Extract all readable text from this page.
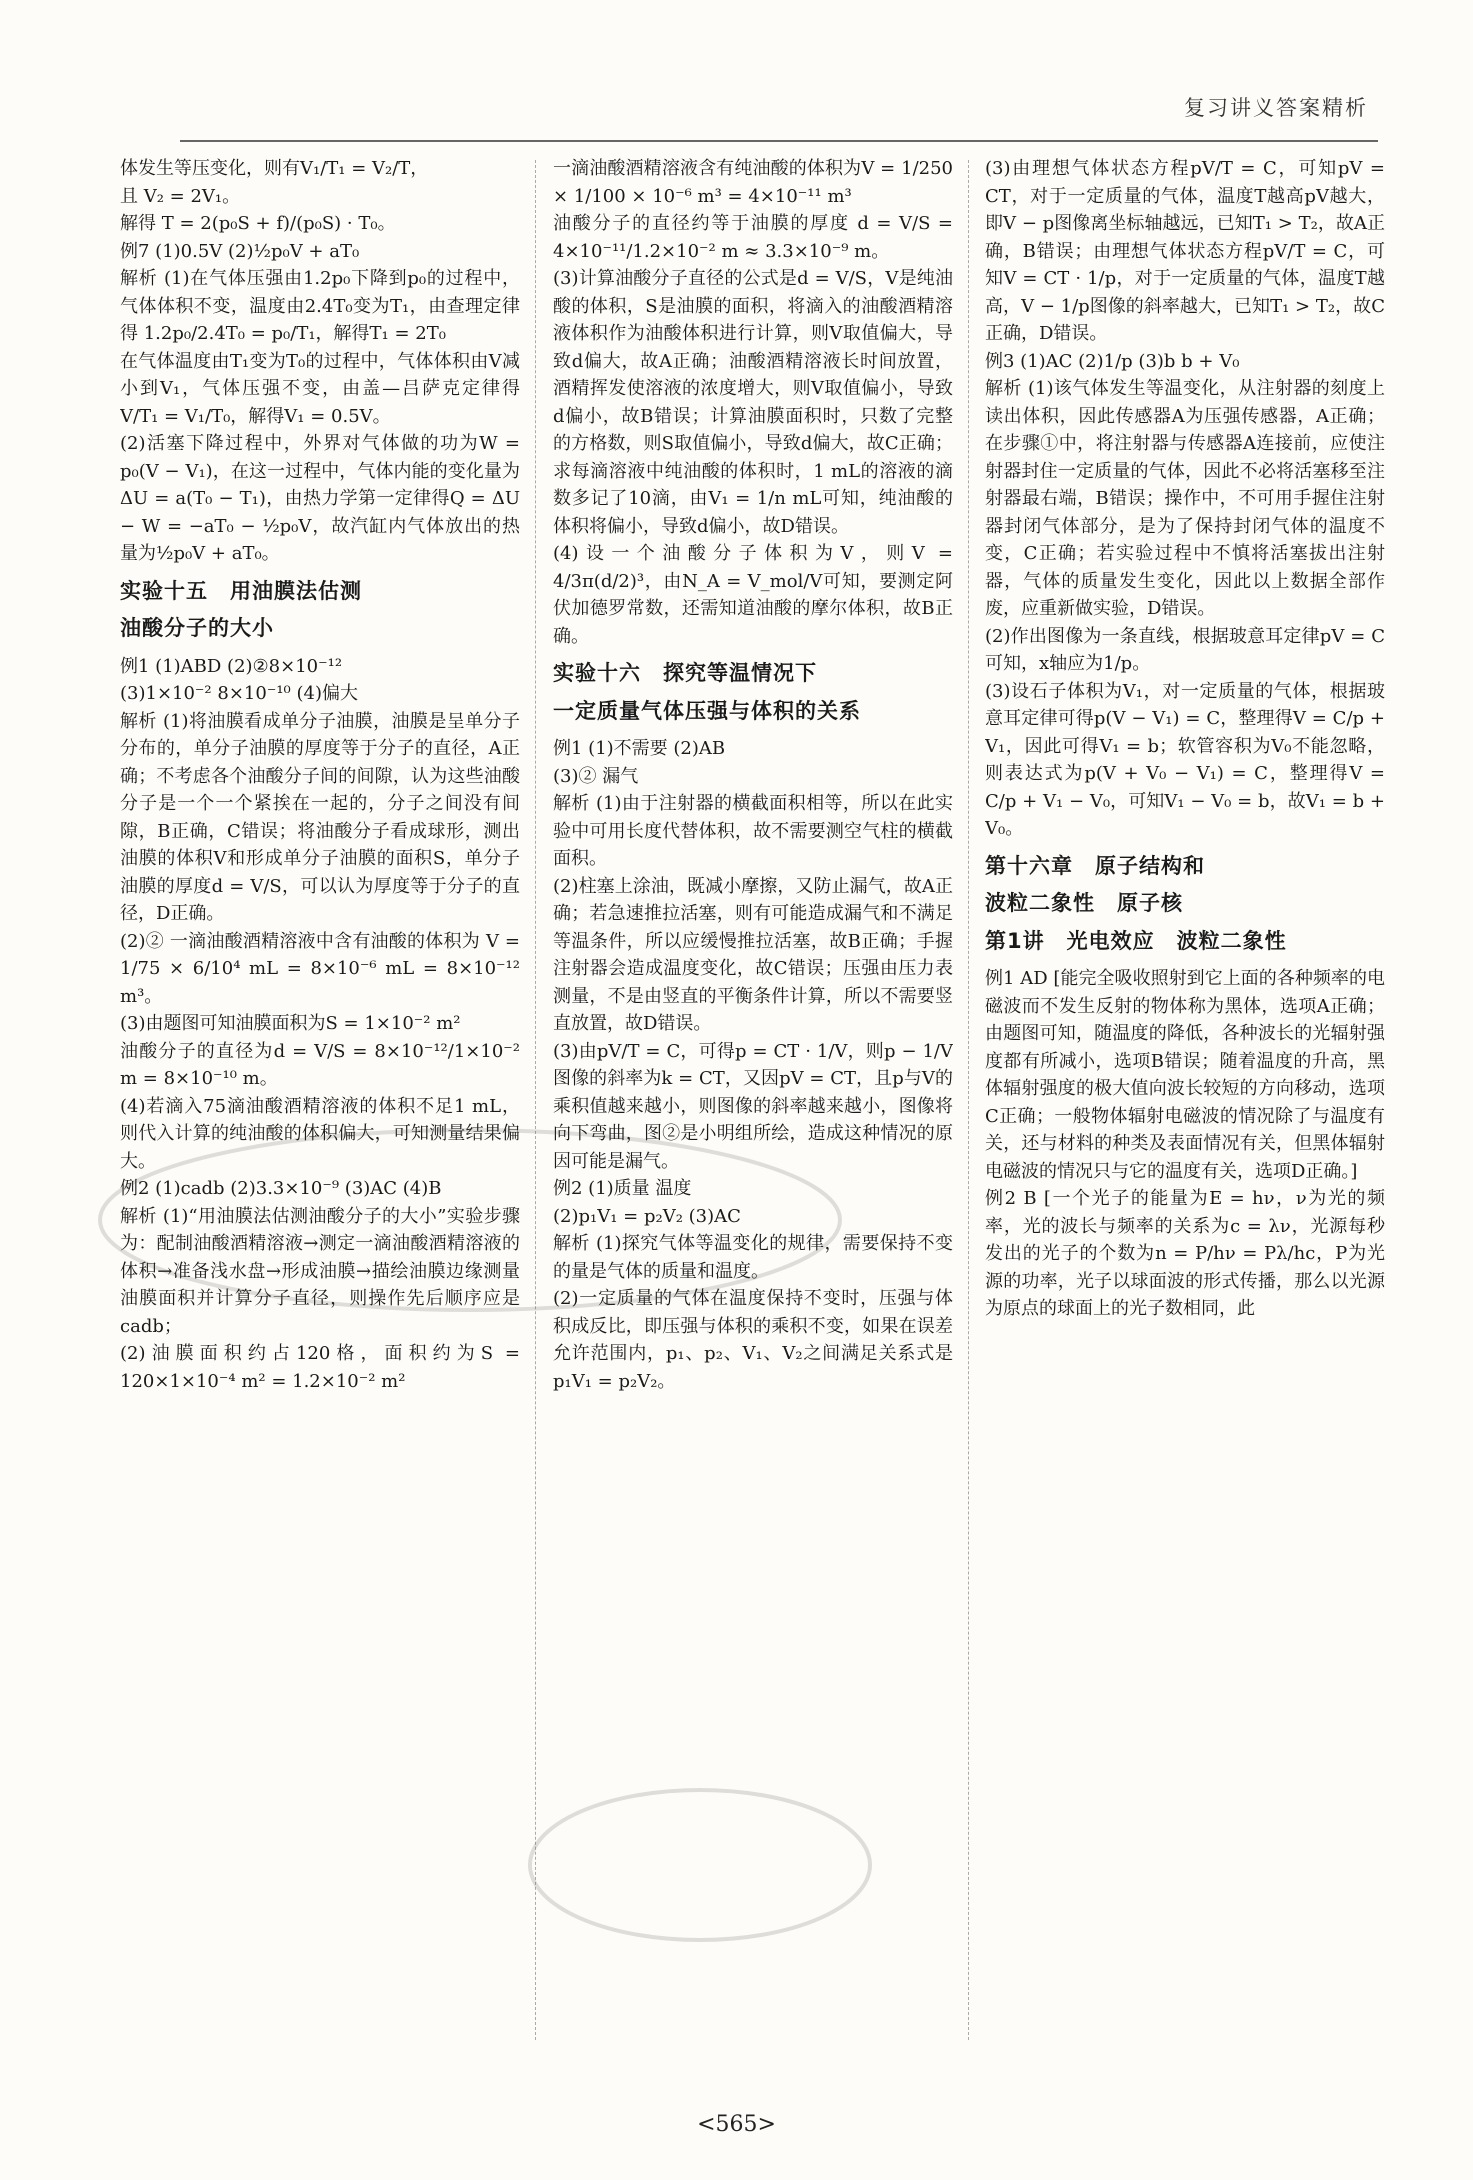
复习讲义答案精析

体发生等压变化，则有V₁/T₁ = V₂/T，

且 V₂ = 2V₁。

解得 T = 2(p₀S + f)/(p₀S) · T₀。

例7 (1)0.5V (2)½p₀V + aT₀

解析 (1)在气体压强由1.2p₀下降到p₀的过程中，气体体积不变，温度由2.4T₀变为T₁，由查理定律得 1.2p₀/2.4T₀ = p₀/T₁，解得T₁ = 2T₀

在气体温度由T₁变为T₀的过程中，气体体积由V减小到V₁，气体压强不变，由盖—吕萨克定律得 V/T₁ = V₁/T₀，解得V₁ = 0.5V。

(2)活塞下降过程中，外界对气体做的功为W = p₀(V − V₁)，在这一过程中，气体内能的变化量为ΔU = a(T₀ − T₁)，由热力学第一定律得Q = ΔU − W = −aT₀ − ½p₀V，故汽缸内气体放出的热量为½p₀V + aT₀。

实验十五　用油膜法估测

油酸分子的大小

例1 (1)ABD (2)②8×10⁻¹²

(3)1×10⁻² 8×10⁻¹⁰ (4)偏大

解析 (1)将油膜看成单分子油膜，油膜是呈单分子分布的，单分子油膜的厚度等于分子的直径，A正确；不考虑各个油酸分子间的间隙，认为这些油酸分子是一个一个紧挨在一起的，分子之间没有间隙，B正确，C错误；将油酸分子看成球形，测出油膜的体积V和形成单分子油膜的面积S，单分子油膜的厚度d = V/S，可以认为厚度等于分子的直径，D正确。

(2)② 一滴油酸酒精溶液中含有油酸的体积为 V = 1/75 × 6/10⁴ mL = 8×10⁻⁶ mL = 8×10⁻¹² m³。

(3)由题图可知油膜面积为S = 1×10⁻² m²

油酸分子的直径为d = V/S = 8×10⁻¹²/1×10⁻² m = 8×10⁻¹⁰ m。

(4)若滴入75滴油酸酒精溶液的体积不足1 mL，则代入计算的纯油酸的体积偏大，可知测量结果偏大。

例2 (1)cadb (2)3.3×10⁻⁹ (3)AC (4)B

解析 (1)“用油膜法估测油酸分子的大小”实验步骤为：配制油酸酒精溶液→测定一滴油酸酒精溶液的体积→准备浅水盘→形成油膜→描绘油膜边缘测量油膜面积并计算分子直径，则操作先后顺序应是cadb；

(2)油膜面积约占120格，面积约为S = 120×1×10⁻⁴ m² = 1.2×10⁻² m²

一滴油酸酒精溶液含有纯油酸的体积为V = 1/250 × 1/100 × 10⁻⁶ m³ = 4×10⁻¹¹ m³

油酸分子的直径约等于油膜的厚度 d = V/S = 4×10⁻¹¹/1.2×10⁻² m ≈ 3.3×10⁻⁹ m。

(3)计算油酸分子直径的公式是d = V/S，V是纯油酸的体积，S是油膜的面积，将滴入的油酸酒精溶液体积作为油酸体积进行计算，则V取值偏大，导致d偏大，故A正确；油酸酒精溶液长时间放置，酒精挥发使溶液的浓度增大，则V取值偏小，导致d偏小，故B错误；计算油膜面积时，只数了完整的方格数，则S取值偏小，导致d偏大，故C正确；求每滴溶液中纯油酸的体积时，1 mL的溶液的滴数多记了10滴，由V₁ = 1/n mL可知，纯油酸的体积将偏小，导致d偏小，故D错误。

(4)设一个油酸分子体积为V，则V = 4/3π(d/2)³，由N_A = V_mol/V可知，要测定阿伏加德罗常数，还需知道油酸的摩尔体积，故B正确。

实验十六　探究等温情况下

一定质量气体压强与体积的关系

例1 (1)不需要 (2)AB

(3)② 漏气

解析 (1)由于注射器的横截面积相等，所以在此实验中可用长度代替体积，故不需要测空气柱的横截面积。

(2)柱塞上涂油，既减小摩擦，又防止漏气，故A正确；若急速推拉活塞，则有可能造成漏气和不满足等温条件，所以应缓慢推拉活塞，故B正确；手握注射器会造成温度变化，故C错误；压强由压力表测量，不是由竖直的平衡条件计算，所以不需要竖直放置，故D错误。

(3)由pV/T = C，可得p = CT · 1/V，则p − 1/V图像的斜率为k = CT，又因pV = CT，且p与V的乘积值越来越小，则图像的斜率越来越小，图像将向下弯曲，图②是小明组所绘，造成这种情况的原因可能是漏气。

例2 (1)质量 温度

(2)p₁V₁ = p₂V₂ (3)AC

解析 (1)探究气体等温变化的规律，需要保持不变的量是气体的质量和温度。

(2)一定质量的气体在温度保持不变时，压强与体积成反比，即压强与体积的乘积不变，如果在误差允许范围内，p₁、p₂、V₁、V₂之间满足关系式是p₁V₁ = p₂V₂。

(3)由理想气体状态方程pV/T = C，可知pV = CT，对于一定质量的气体，温度T越高pV越大，即V − p图像离坐标轴越远，已知T₁ > T₂，故A正确，B错误；由理想气体状态方程pV/T = C，可知V = CT · 1/p，对于一定质量的气体，温度T越高，V − 1/p图像的斜率越大，已知T₁ > T₂，故C正确，D错误。

例3 (1)AC (2)1/p (3)b b + V₀

解析 (1)该气体发生等温变化，从注射器的刻度上读出体积，因此传感器A为压强传感器，A正确；在步骤①中，将注射器与传感器A连接前，应使注射器封住一定质量的气体，因此不必将活塞移至注射器最右端，B错误；操作中，不可用手握住注射器封闭气体部分，是为了保持封闭气体的温度不变，C正确；若实验过程中不慎将活塞拔出注射器，气体的质量发生变化，因此以上数据全部作废，应重新做实验，D错误。

(2)作出图像为一条直线，根据玻意耳定律pV = C可知，x轴应为1/p。

(3)设石子体积为V₁，对一定质量的气体，根据玻意耳定律可得p(V − V₁) = C，整理得V = C/p + V₁，因此可得V₁ = b；软管容积为V₀不能忽略，则表达式为p(V + V₀ − V₁) = C，整理得V = C/p + V₁ − V₀，可知V₁ − V₀ = b，故V₁ = b + V₀。

第十六章　原子结构和

波粒二象性　原子核

第1讲　光电效应　波粒二象性

例1 AD [能完全吸收照射到它上面的各种频率的电磁波而不发生反射的物体称为黑体，选项A正确；由题图可知，随温度的降低，各种波长的光辐射强度都有所减小，选项B错误；随着温度的升高，黑体辐射强度的极大值向波长较短的方向移动，选项C正确；一般物体辐射电磁波的情况除了与温度有关，还与材料的种类及表面情况有关，但黑体辐射电磁波的情况只与它的温度有关，选项D正确。]

例2 B [一个光子的能量为E = hν，ν为光的频率，光的波长与频率的关系为c = λν，光源每秒发出的光子的个数为n = P/hν = Pλ/hc，P为光源的功率，光子以球面波的形式传播，那么以光源为原点的球面上的光子数相同，此

<565>
